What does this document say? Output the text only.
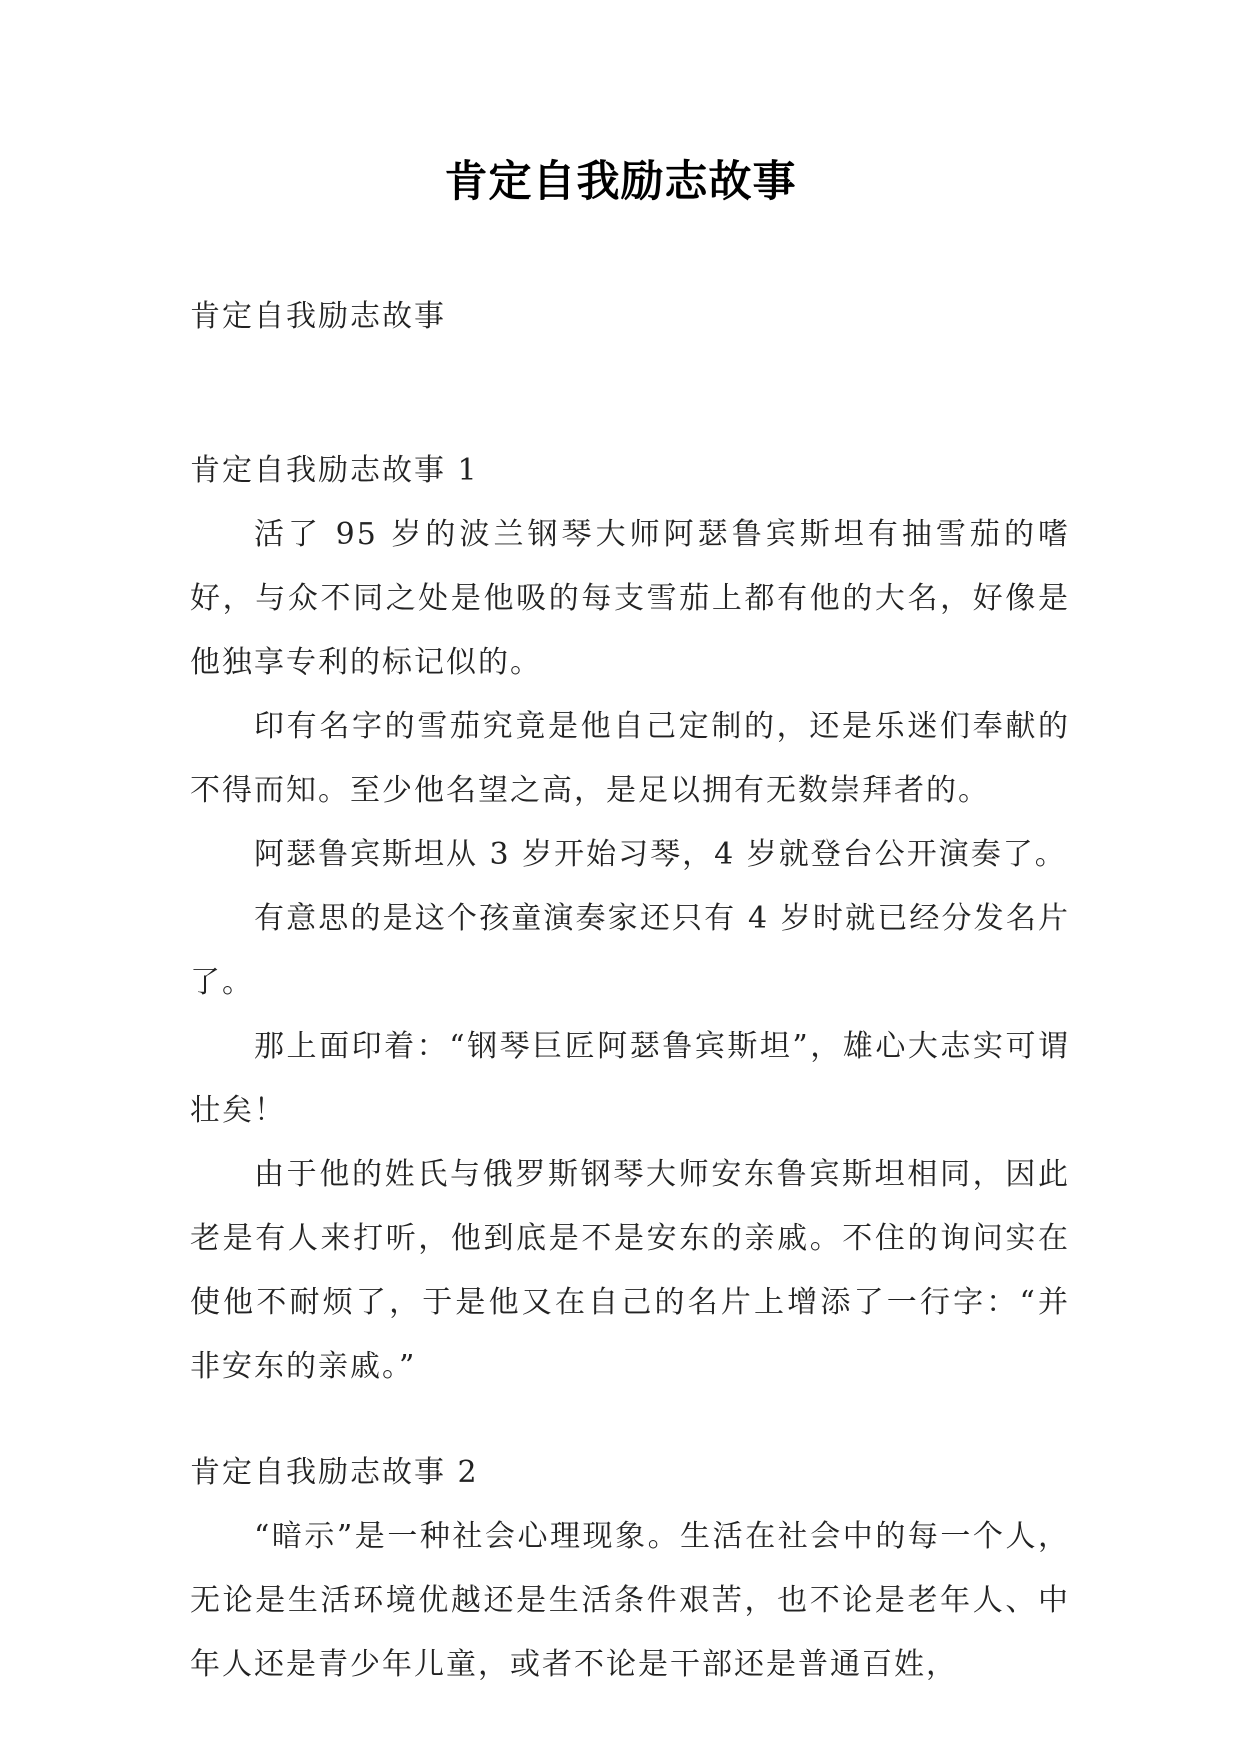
肯定自我励志故事

肯定自我励志故事

肯定自我励志故事 1

活了 95 岁的波兰钢琴大师阿瑟鲁宾斯坦有抽雪茄的嗜好，与众不同之处是他吸的每支雪茄上都有他的大名，好像是他独享专利的标记似的。

印有名字的雪茄究竟是他自己定制的，还是乐迷们奉献的不得而知。至少他名望之高，是足以拥有无数崇拜者的。

阿瑟鲁宾斯坦从 3 岁开始习琴，4 岁就登台公开演奏了。

有意思的是这个孩童演奏家还只有 4 岁时就已经分发名片了。

那上面印着：“钢琴巨匠阿瑟鲁宾斯坦”，雄心大志实可谓壮矣！

由于他的姓氏与俄罗斯钢琴大师安东鲁宾斯坦相同，因此老是有人来打听，他到底是不是安东的亲戚。不住的询问实在使他不耐烦了，于是他又在自己的名片上增添了一行字：“并非安东的亲戚。”

肯定自我励志故事 2

“暗示”是一种社会心理现象。生活在社会中的每一个人，无论是生活环境优越还是生活条件艰苦，也不论是老年人、中年人还是青少年儿童，或者不论是干部还是普通百姓，
